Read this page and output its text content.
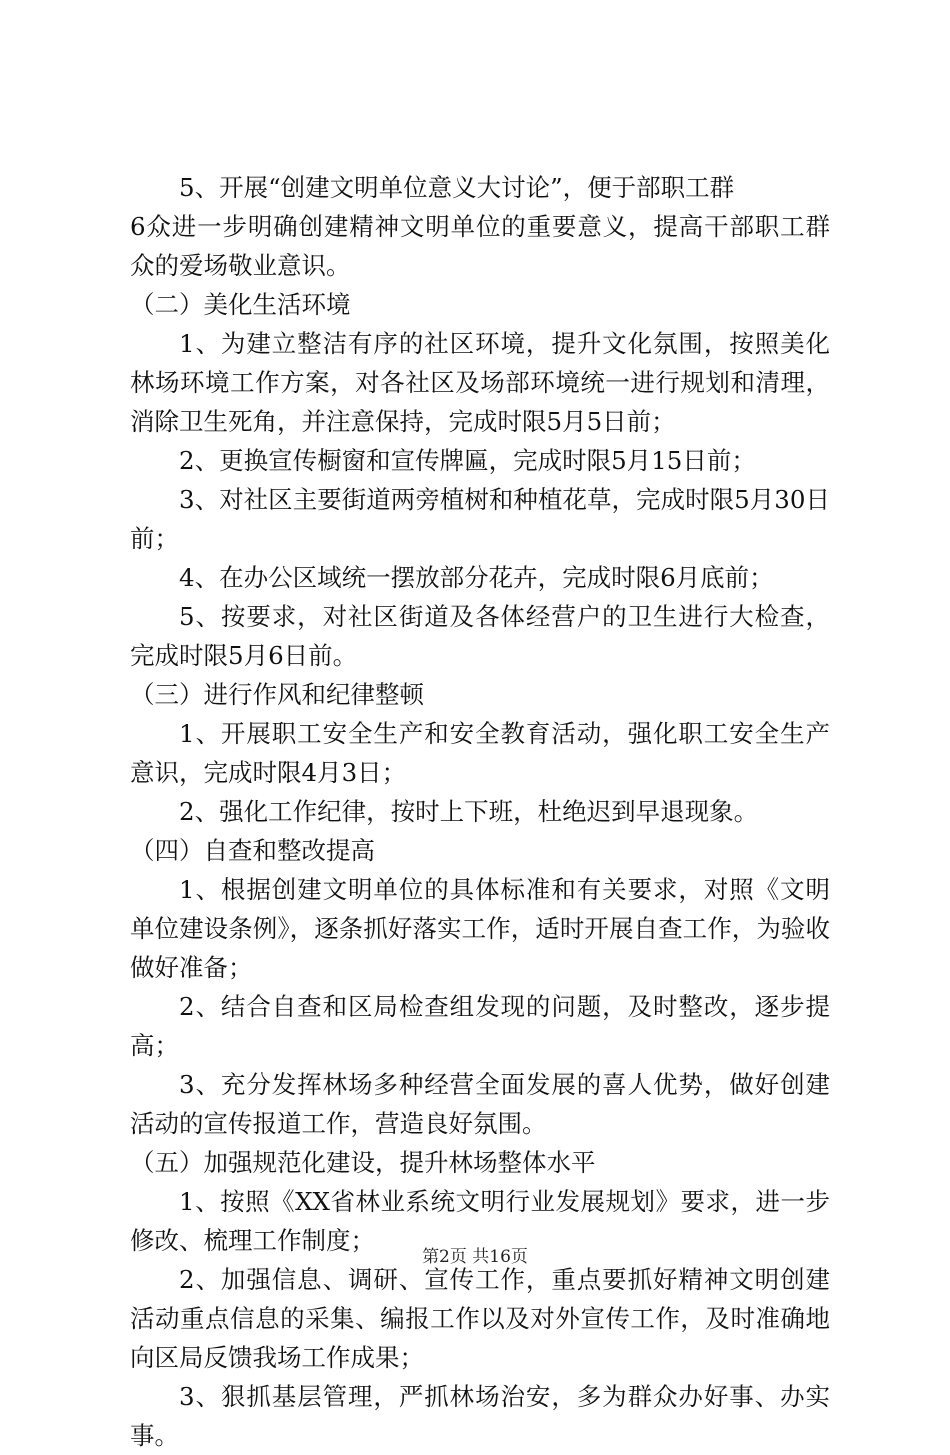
5、开展“创建文明单位意义大讨论”，便于部职工群

6众进一步明确创建精神文明单位的重要意义，提高干部职工群众的爱场敬业意识。

（二）美化生活环境

1、为建立整洁有序的社区环境，提升文化氛围，按照美化林场环境工作方案，对各社区及场部环境统一进行规划和清理，消除卫生死角，并注意保持，完成时限5月5日前；

2、更换宣传橱窗和宣传牌匾，完成时限5月15日前；

3、对社区主要街道两旁植树和种植花草，完成时限5月30日前；

4、在办公区域统一摆放部分花卉，完成时限6月底前；

5、按要求，对社区街道及各体经营户的卫生进行大检查，完成时限5月6日前。

（三）进行作风和纪律整顿

1、开展职工安全生产和安全教育活动，强化职工安全生产意识，完成时限4月3日；

2、强化工作纪律，按时上下班，杜绝迟到早退现象。

（四）自查和整改提高

1、根据创建文明单位的具体标准和有关要求，对照《文明单位建设条例》，逐条抓好落实工作，适时开展自查工作，为验收做好准备；

2、结合自查和区局检查组发现的问题，及时整改，逐步提高；

3、充分发挥林场多种经营全面发展的喜人优势，做好创建活动的宣传报道工作，营造良好氛围。

（五）加强规范化建设，提升林场整体水平

1、按照《XX省林业系统文明行业发展规划》要求，进一步修改、梳理工作制度；

2、加强信息、调研、宣传工作，重点要抓好精神文明创建活动重点信息的采集、编报工作以及对外宣传工作，及时准确地向区局反馈我场工作成果；

3、狠抓基层管理，严抓林场治安，多为群众办好事、办实事。

第2页 共16页
